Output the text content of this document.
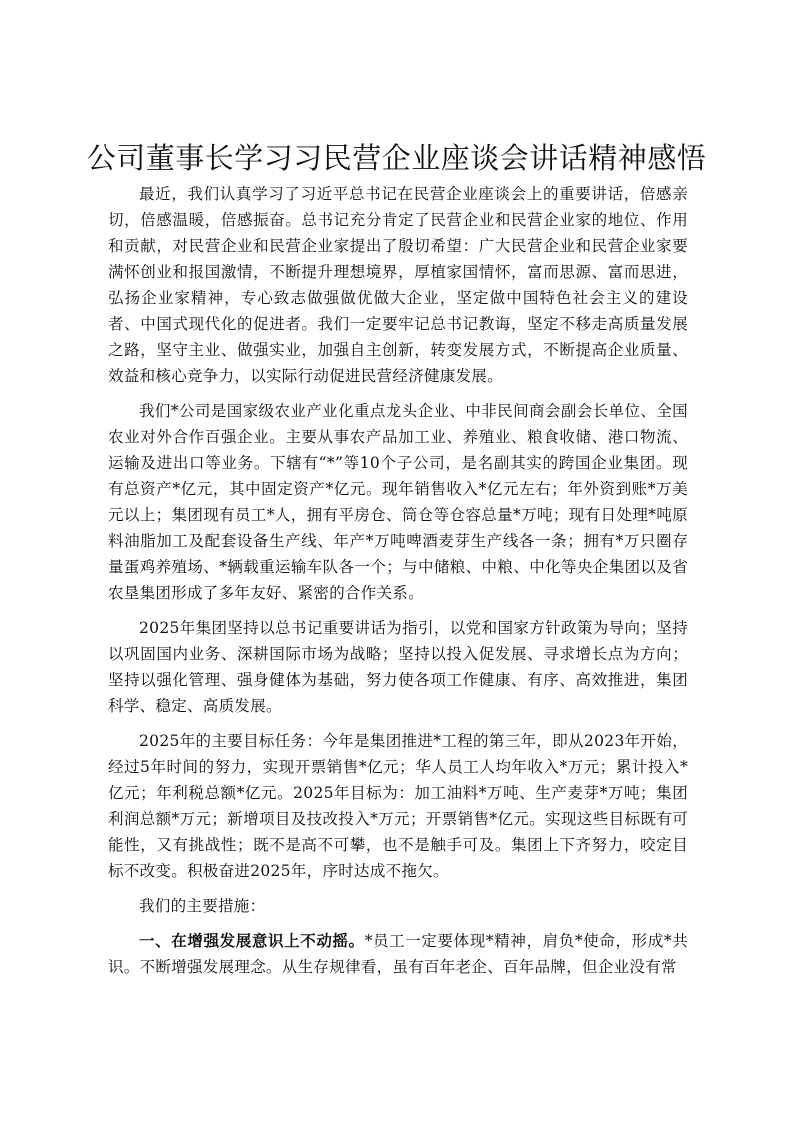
公司董事长学习习民营企业座谈会讲话精神感悟

最近，我们认真学习了习近平总书记在民营企业座谈会上的重要讲话，倍感亲切，倍感温暖，倍感振奋。总书记充分肯定了民营企业和民营企业家的地位、作用和贡献，对民营企业和民营企业家提出了殷切希望：广大民营企业和民营企业家要满怀创业和报国激情，不断提升理想境界，厚植家国情怀，富而思源、富而思进，弘扬企业家精神，专心致志做强做优做大企业，坚定做中国特色社会主义的建设者、中国式现代化的促进者。我们一定要牢记总书记教诲，坚定不移走高质量发展之路，坚守主业、做强实业，加强自主创新，转变发展方式，不断提高企业质量、效益和核心竞争力，以实际行动促进民营经济健康发展。

我们*公司是国家级农业产业化重点龙头企业、中非民间商会副会长单位、全国农业对外合作百强企业。主要从事农产品加工业、养殖业、粮食收储、港口物流、运输及进出口等业务。下辖有“*”等10个子公司，是名副其实的跨国企业集团。现有总资产*亿元，其中固定资产*亿元。现年销售收入*亿元左右；年外资到账*万美元以上；集团现有员工*人，拥有平房仓、筒仓等仓容总量*万吨；现有日处理*吨原料油脂加工及配套设备生产线、年产*万吨啤酒麦芽生产线各一条；拥有*万只圈存量蛋鸡养殖场、*辆载重运输车队各一个；与中储粮、中粮、中化等央企集团以及省农垦集团形成了多年友好、紧密的合作关系。

2025年集团坚持以总书记重要讲话为指引，以党和国家方针政策为导向；坚持以巩固国内业务、深耕国际市场为战略；坚持以投入促发展、寻求增长点为方向；坚持以强化管理、强身健体为基础，努力使各项工作健康、有序、高效推进，集团科学、稳定、高质发展。

2025年的主要目标任务：今年是集团推进*工程的第三年，即从2023年开始，经过5年时间的努力，实现开票销售*亿元；华人员工人均年收入*万元；累计投入*亿元；年利税总额*亿元。2025年目标为：加工油料*万吨、生产麦芽*万吨；集团利润总额*万元；新增项目及技改投入*万元；开票销售*亿元。实现这些目标既有可能性，又有挑战性；既不是高不可攀，也不是触手可及。集团上下齐努力，咬定目标不改变。积极奋进2025年，序时达成不拖欠。

我们的主要措施：

一、在增强发展意识上不动摇。*员工一定要体现*精神，肩负*使命，形成*共识。不断增强发展理念。从生存规律看，虽有百年老企、百年品牌，但企业没有常
